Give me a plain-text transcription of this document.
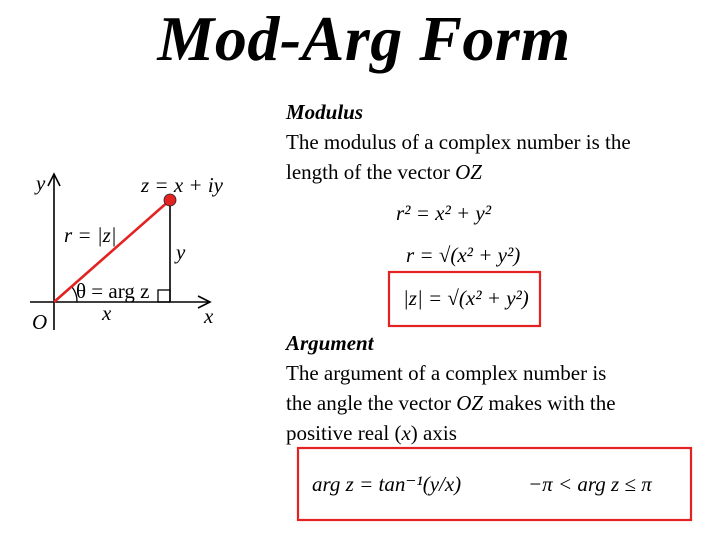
Mod-Arg Form
Modulus
The modulus of a complex number is the
length of the vector OZ
Argument
The argument of a complex number is
the angle the vector OZ makes with the
positive real (x) axis
y
x
O
z = x + iy
r = |z|
y
x
θ = arg z
r² = x² + y²
r = √(x² + y²)
|z| = √(x² + y²)
arg z = tan⁻¹(y/x)	−π < arg z ≤ π
